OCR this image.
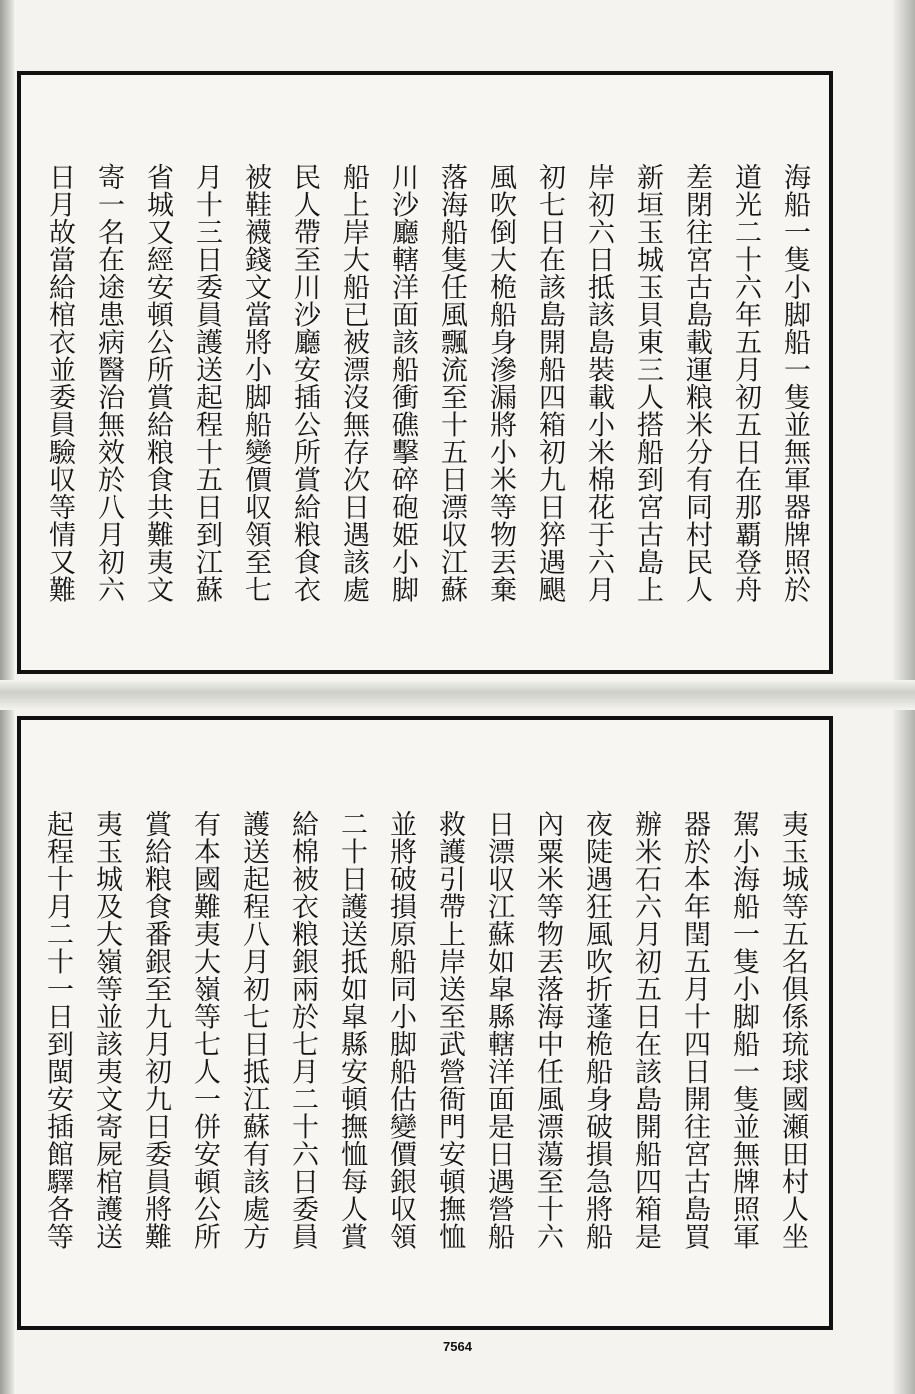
海船一隻小脚船一隻並無軍器牌照於
道光二十六年五月初五日在那覇登舟
差閉往宮古島載運粮米分有同村民人
新垣玉城玉貝東三人搭船到宮古島上
岸初六日抵該島裝載小米棉花于六月
初七日在該島開船四箱初九日猝遇颶
風吹倒大桅船身滲漏將小米等物丟棄
落海船隻任風飄流至十五日漂収江蘇
川沙廳轄洋面該船衝礁擊碎砲姫小脚
船上岸大船已被漂沒無存次日遇該處
民人帶至川沙廳安插公所賞給粮食衣
被鞋襪錢文當將小脚船變價収領至七
月十三日委員護送起程十五日到江蘇
省城又經安頓公所賞給粮食共難夷文
寄一名在途患病醫治無效於八月初六
日月故當給棺衣並委員驗収等情又難
夷玉城等五名俱係琉球國瀬田村人坐
駕小海船一隻小脚船一隻並無牌照軍
器於本年閏五月十四日開往宮古島買
辦米石六月初五日在該島開船四箱是
夜陡遇狂風吹折蓬桅船身破損急將船
內粟米等物丟落海中任風漂蕩至十六
日漂収江蘇如皐縣轄洋面是日遇營船
救護引帶上岸送至武營衙門安頓撫恤
並將破損原船同小脚船估變價銀収領
二十日護送抵如皐縣安頓撫恤每人賞
給棉被衣粮銀兩於七月二十六日委員
護送起程八月初七日抵江蘇有該處方
有本國難夷大嶺等七人一併安頓公所
賞給粮食番銀至九月初九日委員將難
夷玉城及大嶺等並該夷文寄屍棺護送
起程十月二十一日到閩安插館驛各等
7564
